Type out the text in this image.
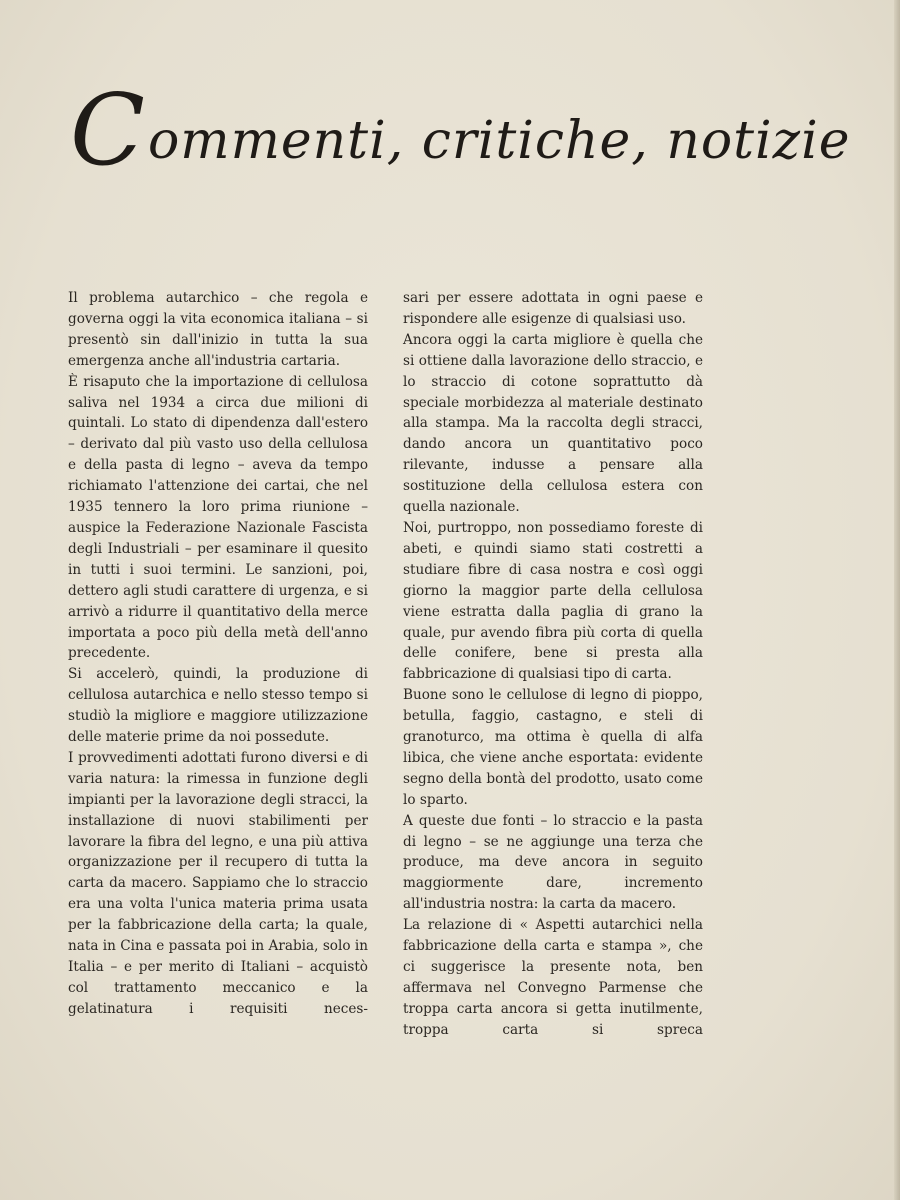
Commenti, critiche, notizie

Il problema autarchico – che regola e governa oggi la vita economica italiana – si presentò sin dall'inizio in tutta la sua emergenza anche all'industria cartaria.

È risaputo che la importazione di cellulosa saliva nel 1934 a circa due milioni di quintali. Lo stato di dipendenza dall'estero – derivato dal più vasto uso della cellulosa e della pasta di legno – aveva da tempo richiamato l'attenzione dei cartai, che nel 1935 tennero la loro prima riunione – auspice la Federazione Nazionale Fascista degli Industriali – per esaminare il quesito in tutti i suoi termini. Le sanzioni, poi, dettero agli studi carattere di urgenza, e si arrivò a ridurre il quantitativo della merce importata a poco più della metà dell'anno precedente.

Si accelerò, quindi, la produzione di cellulosa autarchica e nello stesso tempo si studiò la migliore e maggiore utilizzazione delle materie prime da noi possedute.

I provvedimenti adottati furono diversi e di varia natura: la rimessa in funzione degli impianti per la lavorazione degli stracci, la installazione di nuovi stabilimenti per lavorare la fibra del legno, e una più attiva organizzazione per il recupero di tutta la carta da macero. Sappiamo che lo straccio era una volta l'unica materia prima usata per la fabbricazione della carta; la quale, nata in Cina e passata poi in Arabia, solo in Italia – e per merito di Italiani – acquistò col trattamento meccanico e la gelatinatura i requisiti neces-

sari per essere adottata in ogni paese e rispondere alle esigenze di qualsiasi uso.

Ancora oggi la carta migliore è quella che si ottiene dalla lavorazione dello straccio, e lo straccio di cotone soprattutto dà speciale morbidezza al materiale destinato alla stampa. Ma la raccolta degli stracci, dando ancora un quantitativo poco rilevante, indusse a pensare alla sostituzione della cellulosa estera con quella nazionale.

Noi, purtroppo, non possediamo foreste di abeti, e quindi siamo stati costretti a studiare fibre di casa nostra e così oggi giorno la maggior parte della cellulosa viene estratta dalla paglia di grano la quale, pur avendo fibra più corta di quella delle conifere, bene si presta alla fabbricazione di qualsiasi tipo di carta.

Buone sono le cellulose di legno di pioppo, betulla, faggio, castagno, e steli di granoturco, ma ottima è quella di alfa libica, che viene anche esportata: evidente segno della bontà del prodotto, usato come lo sparto.

A queste due fonti – lo straccio e la pasta di legno – se ne aggiunge una terza che produce, ma deve ancora in seguito maggiormente dare, incremento all'industria nostra: la carta da macero.

La relazione di « Aspetti autarchici nella fabbricazione della carta e stampa », che ci suggerisce la presente nota, ben affermava nel Convegno Parmense che troppa carta ancora si getta inutilmente, troppa carta si spreca
